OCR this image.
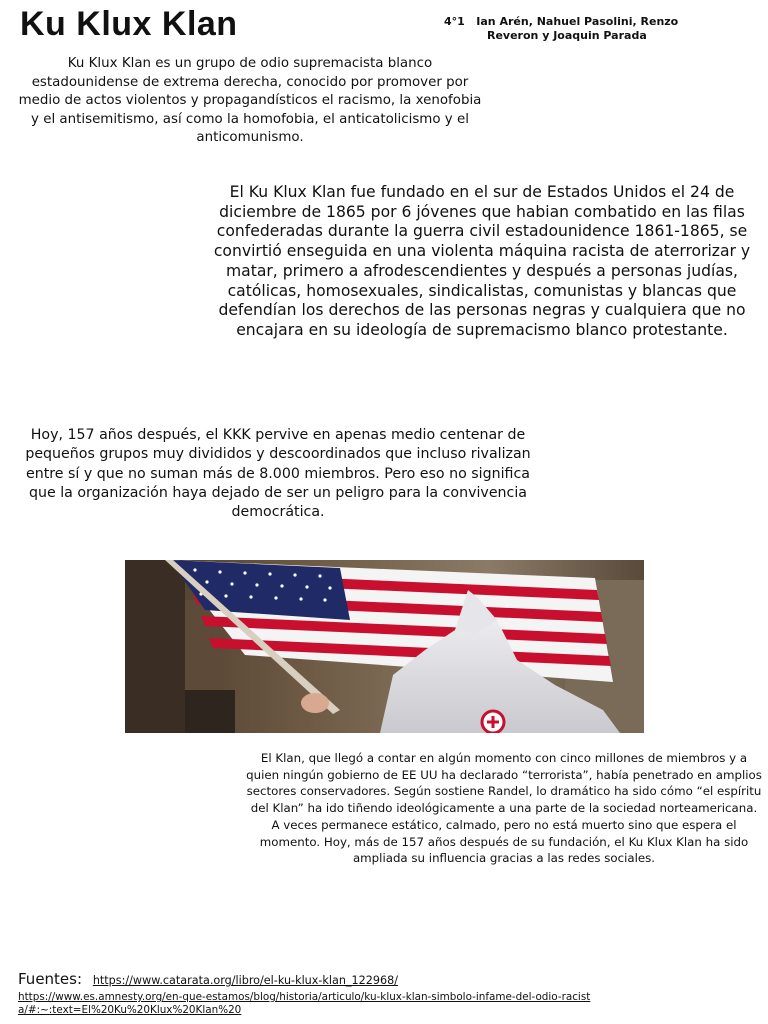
Ku Klux Klan	4°1   Ian Arén, Nahuel Pasolini, Renzo
Reveron y Joaquin Parada
Ku Klux Klan es un grupo de odio supremacista blanco estadounidense de extrema derecha, conocido por promover por medio de actos violentos y propagandísticos el racismo, la xenofobia y el antisemitismo, así como la homofobia, el anticatolicismo y el anticomunismo.
El Ku Klux Klan fue fundado en el sur de Estados Unidos el 24 de diciembre de 1865 por 6 jóvenes que habian combatido en las filas confederadas durante la guerra civil estadounidence 1861-1865, se convirtió enseguida en una violenta máquina racista de aterrorizar y matar, primero a afrodescendientes y después a personas judías, católicas, homosexuales, sindicalistas, comunistas y blancas que defendían los derechos de las personas negras y cualquiera que no encajara en su ideología de supremacismo blanco protestante.
Hoy, 157 años después, el KKK pervive en apenas medio centenar de pequeños grupos muy divididos y descoordinados que incluso rivalizan entre sí y que no suman más de 8.000 miembros. Pero eso no significa que la organización haya dejado de ser un peligro para la convivencia democrática.
El Klan, que llegó a contar en algún momento con cinco millones de miembros y a quien ningún gobierno de EE UU ha declarado “terrorista”, había penetrado en amplios sectores conservadores. Según sostiene Randel, lo dramático ha sido cómo “el espíritu del Klan” ha ido tiñendo ideológicamente a una parte de la sociedad norteamericana. A veces permanece estático, calmado, pero no está muerto sino que espera el momento. Hoy, más de 157 años después de su fundación, el Ku Klux Klan ha sido ampliada su influencia gracias a las redes sociales.
Fuentes: https://www.catarata.org/libro/el-ku-klux-klan_122968/
https://www.es.amnesty.org/en-que-estamos/blog/historia/articulo/ku-klux-klan-simbolo-infame-del-odio-racista/#:~:text=El%20Ku%20Klux%20Klan%20
